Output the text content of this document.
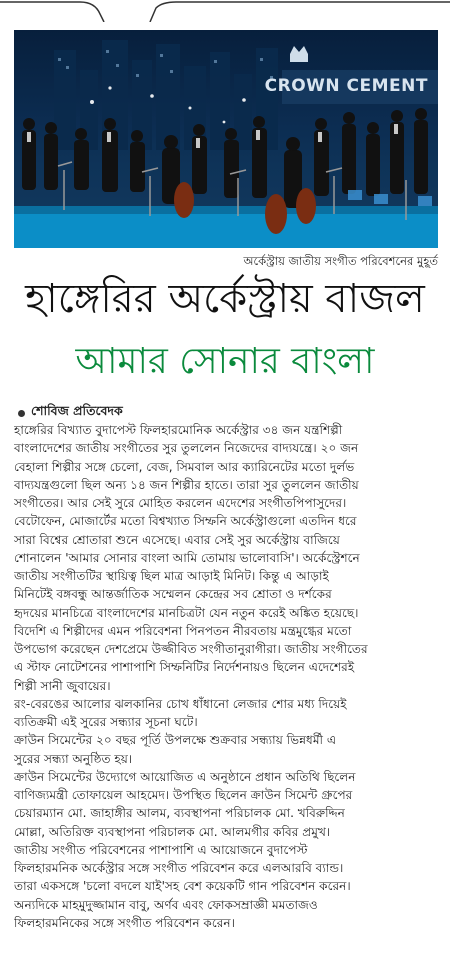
CROWN CEMENT
অর্কেস্ট্রায় জাতীয় সংগীত পরিবেশনের মুহূর্ত
হাঙ্গেরির অর্কেস্ট্রায় বাজল
আমার সোনার বাংলা
শোবিজ প্রতিবেদক
হাঙ্গেরির বিখ্যাত বুদাপেস্ট ফিলহারমোনিক অর্কেস্ট্রার ৩৪ জন যন্ত্রশিল্পী
বাংলাদেশের জাতীয় সংগীতের সুর তুললেন নিজেদের বাদ্যযন্ত্রে। ২০ জন
বেহালা শিল্পীর সঙ্গে চেলো, বেজ, সিমবাল আর ক্যারিনেটের মতো দুর্লভ
বাদ্যযন্ত্রগুলো ছিল অন্য ১৪ জন শিল্পীর হাতে। তারা সুর তুললেন জাতীয়
সংগীতের। আর সেই সুরে মোহিত করলেন এদেশের সংগীতপিপাসুদের।
বেটোফেন, মোজার্টের মতো বিশ্বখ্যাত সিম্ফনি অর্কেস্ট্রাগুলো এতদিন ধরে
সারা বিশ্বের শ্রোতারা শুনে এসেছে। এবার সেই সুর অর্কেস্ট্রায় বাজিয়ে
শোনালেন 'আমার সোনার বাংলা আমি তোমায় ভালোবাসি'। অর্কেস্ট্রেশনে
জাতীয় সংগীতটির স্থায়িত্ব ছিল মাত্র আড়াই মিনিট। কিন্তু এ আড়াই
মিনিটেই বঙ্গবন্ধু আন্তর্জাতিক সম্মেলন কেন্দ্রের সব শ্রোতা ও দর্শকের
হৃদয়ের মানচিত্রে বাংলাদেশের মানচিত্রটা যেন নতুন করেই অঙ্কিত হয়েছে।
বিদেশি এ শিল্পীদের এমন পরিবেশনা পিনপতন নীরবতায় মন্ত্রমুগ্ধের মতো
উপভোগ করেছেন দেশপ্রেমে উজ্জীবিত সংগীতানুরাগীরা। জাতীয় সংগীতের
এ স্টাফ নোটেশনের পাশাপাশি সিম্ফনিটির নির্দেশনায়ও ছিলেন এদেশেরই
শিল্পী সানী জুবায়ের।
রং-বেরঙের আলোর ঝলকানির চোখ ধাঁধানো লেজার শোর মধ্য দিয়েই
ব্যতিক্রমী এই সুরের সন্ধ্যার সূচনা ঘটে।
ক্রাউন সিমেন্টের ২০ বছর পূর্তি উপলক্ষে শুক্রবার সন্ধ্যায় ভিন্নধর্মী এ
সুরের সন্ধ্যা অনুষ্ঠিত হয়।
ক্রাউন সিমেন্টের উদ্যোগে আয়োজিত এ অনুষ্ঠানে প্রধান অতিথি ছিলেন
বাণিজ্যমন্ত্রী তোফায়েল আহমেদ। উপস্থিত ছিলেন ক্রাউন সিমেন্ট গ্রুপের
চেয়ারম্যান মো. জাহাঙ্গীর আলম, ব্যবস্থাপনা পরিচালক মো. খবিরুদ্দিন
মোল্লা, অতিরিক্ত ব্যবস্থাপনা পরিচালক মো. আলমগীর কবির প্রমুখ।
জাতীয় সংগীত পরিবেশনের পাশাপাশি এ আয়োজনে বুদাপেস্ট
ফিলহারমনিক অর্কেস্ট্রার সঙ্গে সংগীত পরিবেশন করে এলআরবি ব্যান্ড।
তারা একসঙ্গে 'চলো বদলে যাই'সহ বেশ কয়েকটি গান পরিবেশন করেন।
অন্যদিকে মাহমুদুজ্জামান বাবু, অর্ণব এবং ফোকসম্রাজ্ঞী মমতাজও
ফিলহারমনিকের সঙ্গে সংগীত পরিবেশন করেন।
